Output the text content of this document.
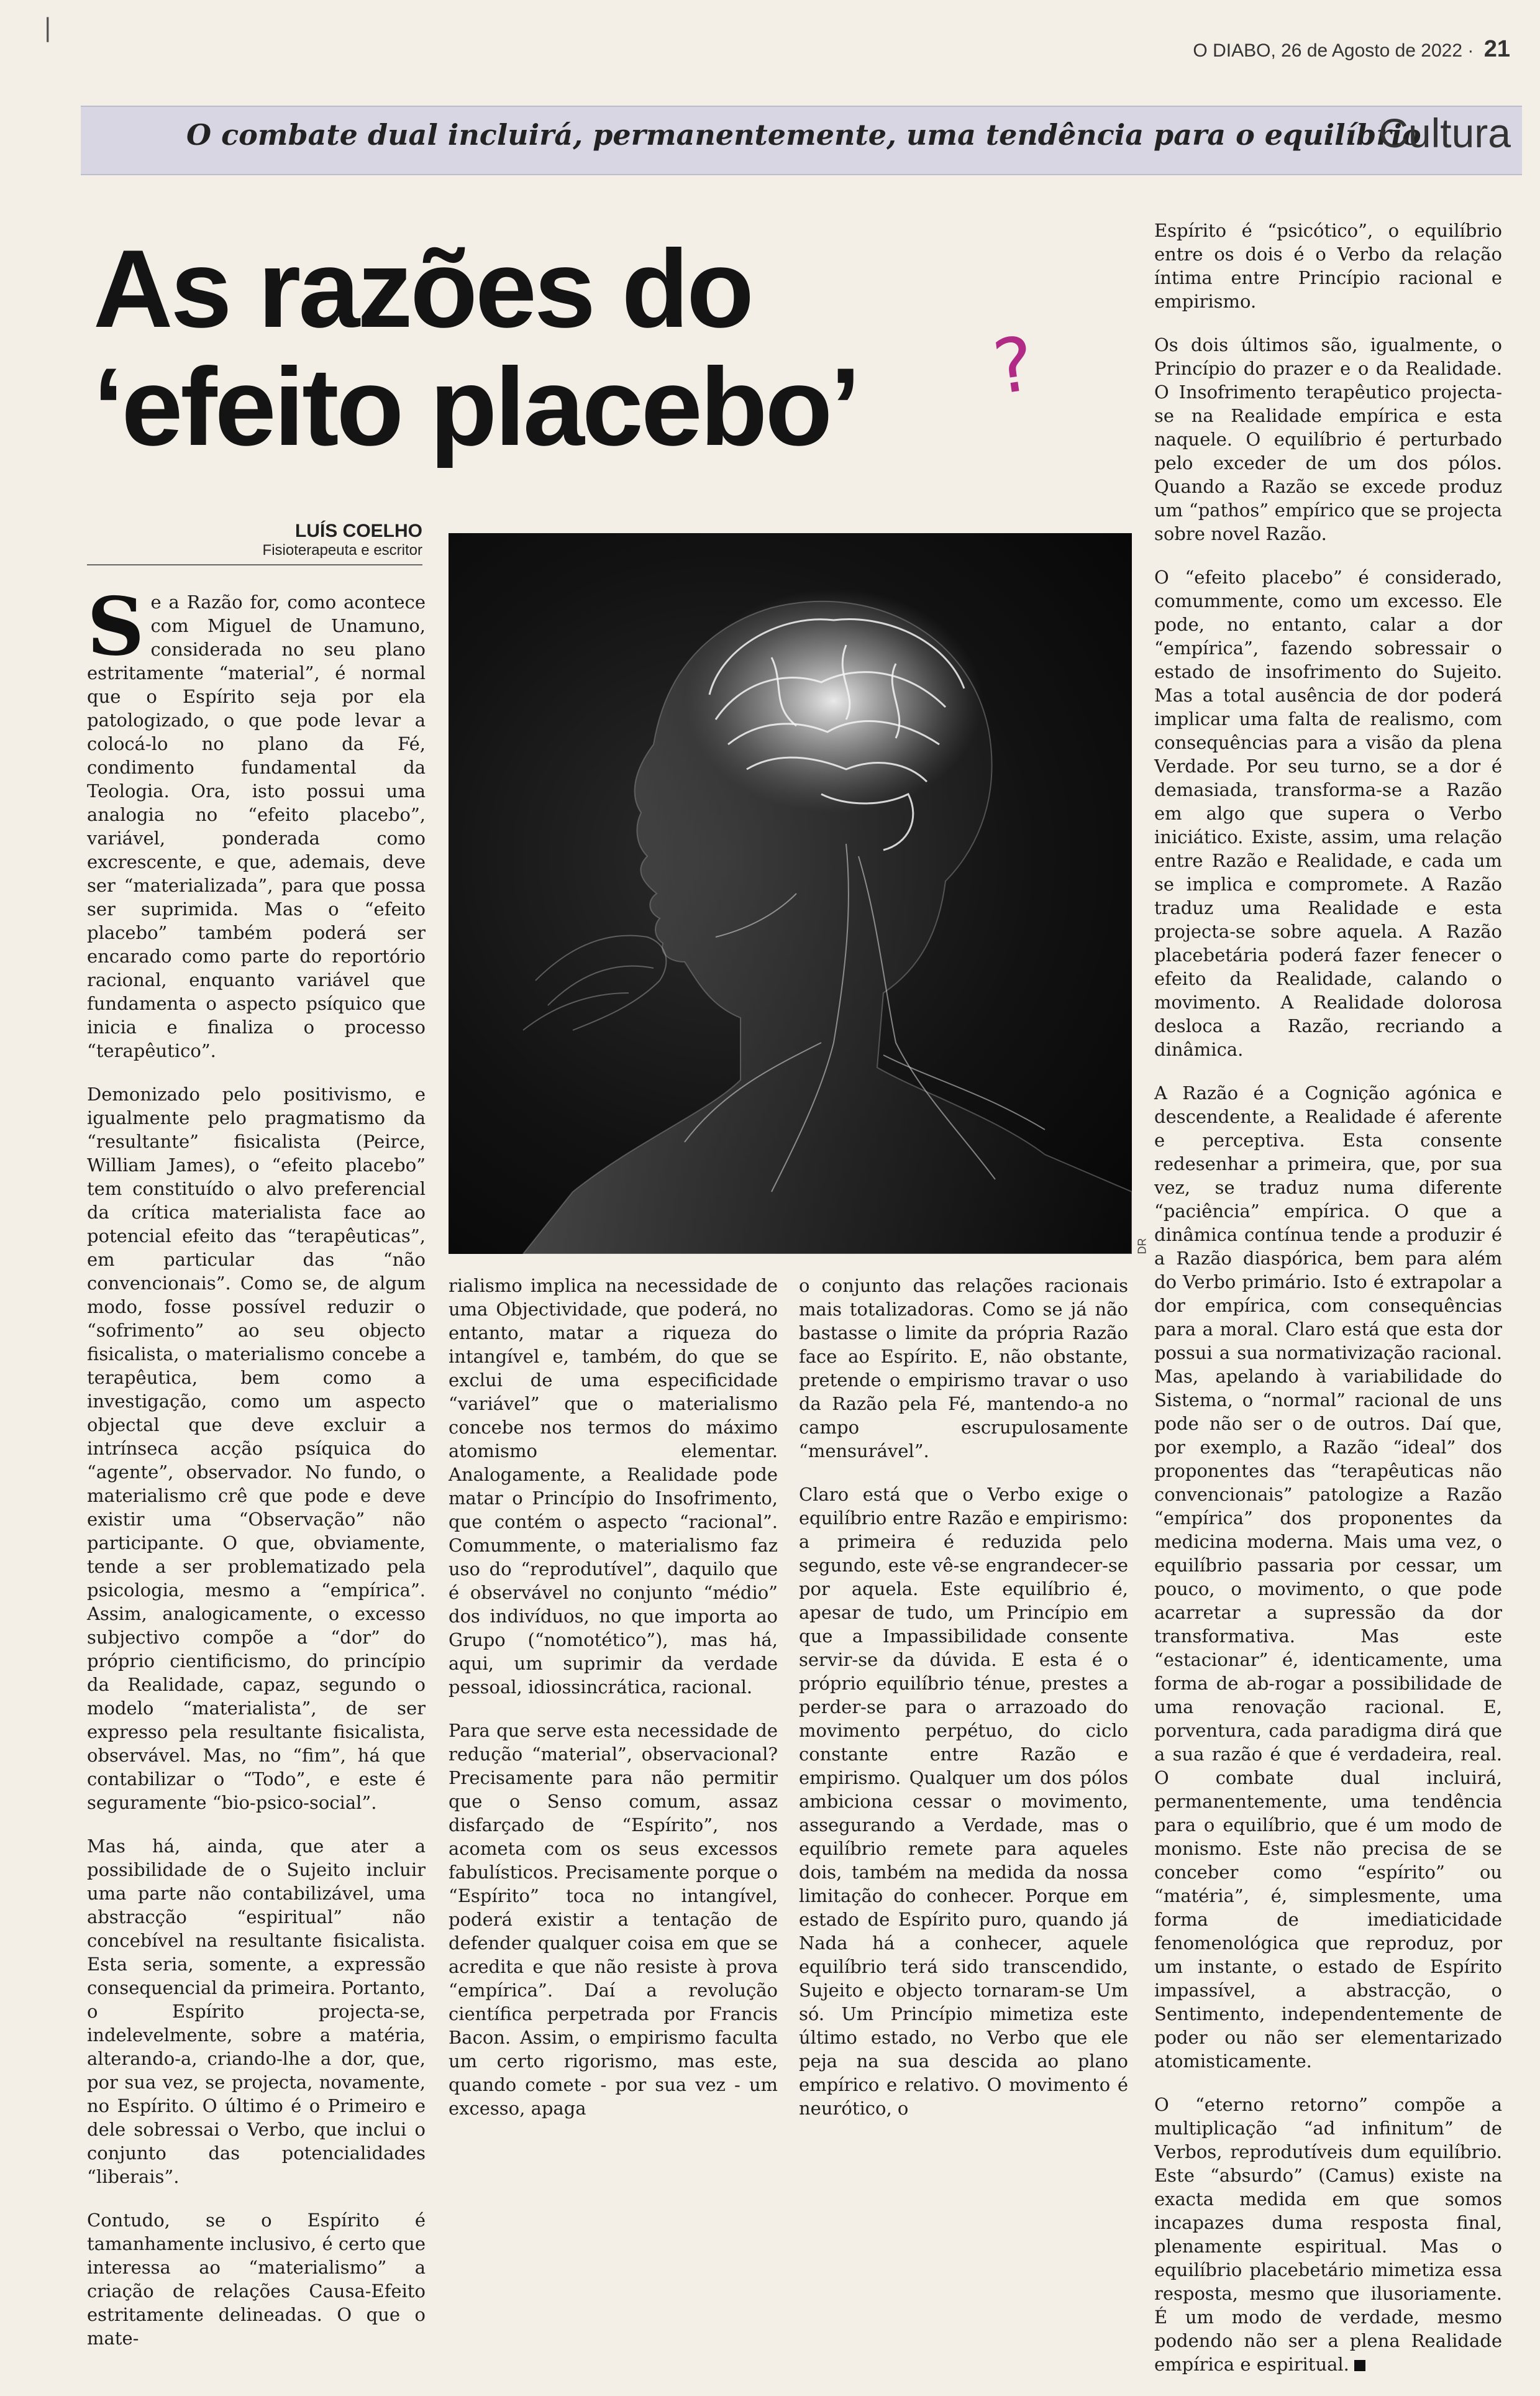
|
O DIABO, 26 de Agosto de 2022 · 21
O combate dual incluirá, permanentemente, uma tendência para o equilíbrio
Cultura
As razões do
‘efeito placebo’	?
LUÍS COELHO
Fisioterapeuta e escritor
DR

Se a Razão for, como acontece com Miguel de Unamuno, considerada no seu plano estritamente “material”, é normal que o Espírito seja por ela patologizado, o que pode levar a colocá-lo no plano da Fé, condimento fundamental da Teologia. Ora, isto possui uma analogia no “efeito placebo”, variável, ponderada como excrescente, e que, ademais, deve ser “materializada”, para que possa ser suprimida. Mas o “efeito placebo” também poderá ser encarado como parte do reportório racional, enquanto variável que fundamenta o aspecto psíquico que inicia e finaliza o processo “terapêutico”.

Demonizado pelo positivismo, e igualmente pelo pragmatismo da “resultante” fisicalista (Peirce, William James), o “efeito placebo” tem constituído o alvo preferencial da crítica materialista face ao potencial efeito das “terapêuticas”, em particular das “não convencionais”. Como se, de algum modo, fosse possível reduzir o “sofrimento” ao seu objecto fisicalista, o materialismo concebe a terapêutica, bem como a investigação, como um aspecto objectal que deve excluir a intrínseca acção psíquica do “agente”, observador. No fundo, o materialismo crê que pode e deve existir uma “Observação” não participante. O que, obviamente, tende a ser problematizado pela psicologia, mesmo a “empírica”. Assim, analogicamente, o excesso subjectivo compõe a “dor” do próprio cientificismo, do princípio da Realidade, capaz, segundo o modelo “materialista”, de ser expresso pela resultante fisicalista, observável. Mas, no “fim”, há que contabilizar o “Todo”, e este é seguramente “bio-psico-social”.

Mas há, ainda, que ater a possibilidade de o Sujeito incluir uma parte não contabilizável, uma abstracção “espiritual” não concebível na resultante fisicalista. Esta seria, somente, a expressão consequencial da primeira. Portanto, o Espírito projecta-se, indelevelmente, sobre a matéria, alterando-a, criando-lhe a dor, que, por sua vez, se projecta, novamente, no Espírito. O último é o Primeiro e dele sobressai o Verbo, que inclui o conjunto das potencialidades “liberais”.

Contudo, se o Espírito é tamanhamente inclusivo, é certo que interessa ao “materialismo” a criação de relações Causa-Efeito estritamente delineadas. O que o mate-

rialismo implica na necessidade de uma Objectividade, que poderá, no entanto, matar a riqueza do intangível e, também, do que se exclui de uma especificidade “variável” que o materialismo concebe nos termos do máximo atomismo elementar. Analogamente, a Realidade pode matar o Princípio do Insofrimento, que contém o aspecto “racional”. Comummente, o materialismo faz uso do “reprodutível”, daquilo que é observável no conjunto “médio” dos indivíduos, no que importa ao Grupo (“nomotético”), mas há, aqui, um suprimir da verdade pessoal, idiossincrática, racional.

Para que serve esta necessidade de redução “material”, observacional? Precisamente para não permitir que o Senso comum, assaz disfarçado de “Espírito”, nos acometa com os seus excessos fabulísticos. Precisamente porque o “Espírito” toca no intangível, poderá existir a tentação de defender qualquer coisa em que se acredita e que não resiste à prova “empírica”. Daí a revolução científica perpetrada por Francis Bacon. Assim, o empirismo faculta um certo rigorismo, mas este, quando comete - por sua vez - um excesso, apaga

o conjunto das relações racionais mais totalizadoras. Como se já não bastasse o limite da própria Razão face ao Espírito. E, não obstante, pretende o empirismo travar o uso da Razão pela Fé, mantendo-a no campo escrupulosamente “mensurável”.

Claro está que o Verbo exige o equilíbrio entre Razão e empirismo: a primeira é reduzida pelo segundo, este vê-se engrandecer-se por aquela. Este equilíbrio é, apesar de tudo, um Princípio em que a Impassibilidade consente servir-se da dúvida. E esta é o próprio equilíbrio ténue, prestes a perder-se para o arrazoado do movimento perpétuo, do ciclo constante entre Razão e empirismo. Qualquer um dos pólos ambiciona cessar o movimento, assegurando a Verdade, mas o equilíbrio remete para aqueles dois, também na medida da nossa limitação do conhecer. Porque em estado de Espírito puro, quando já Nada há a conhecer, aquele equilíbrio terá sido transcendido, Sujeito e objecto tornaram-se Um só. Um Princípio mimetiza este último estado, no Verbo que ele peja na sua descida ao plano empírico e relativo. O movimento é neurótico, o

Espírito é “psicótico”, o equilíbrio entre os dois é o Verbo da relação íntima entre Princípio racional e empirismo.

Os dois últimos são, igualmente, o Princípio do prazer e o da Realidade. O Insofrimento terapêutico projecta-se na Realidade empírica e esta naquele. O equilíbrio é perturbado pelo exceder de um dos pólos. Quando a Razão se excede produz um “pathos” empírico que se projecta sobre novel Razão.

O “efeito placebo” é considerado, comummente, como um excesso. Ele pode, no entanto, calar a dor “empírica”, fazendo sobressair o estado de insofrimento do Sujeito. Mas a total ausência de dor poderá implicar uma falta de realismo, com consequências para a visão da plena Verdade. Por seu turno, se a dor é demasiada, transforma-se a Razão em algo que supera o Verbo iniciático. Existe, assim, uma relação entre Razão e Realidade, e cada um se implica e compromete. A Razão traduz uma Realidade e esta projecta-se sobre aquela. A Razão placebetária poderá fazer fenecer o efeito da Realidade, calando o movimento. A Realidade dolorosa desloca a Razão, recriando a dinâmica.

A Razão é a Cognição agónica e descendente, a Realidade é aferente e perceptiva. Esta consente redesenhar a primeira, que, por sua vez, se traduz numa diferente “paciência” empírica. O que a dinâmica contínua tende a produzir é a Razão diaspórica, bem para além do Verbo primário. Isto é extrapolar a dor empírica, com consequências para a moral. Claro está que esta dor possui a sua normativização racional. Mas, apelando à variabilidade do Sistema, o “normal” racional de uns pode não ser o de outros. Daí que, por exemplo, a Razão “ideal” dos proponentes das “terapêuticas não convencionais” patologize a Razão “empírica” dos proponentes da medicina moderna. Mais uma vez, o equilíbrio passaria por cessar, um pouco, o movimento, o que pode acarretar a supressão da dor transformativa. Mas este “estacionar” é, identicamente, uma forma de ab-rogar a possibilidade de uma renovação racional. E, porventura, cada paradigma dirá que a sua razão é que é verdadeira, real. O combate dual incluirá, permanentemente, uma tendência para o equilíbrio, que é um modo de monismo. Este não precisa de se conceber como “espírito” ou “matéria”, é, simplesmente, uma forma de imediaticidade fenomenológica que reproduz, por um instante, o estado de Espírito impassível, a abstracção, o Sentimento, independentemente de poder ou não ser elementarizado atomisticamente.

O “eterno retorno” compõe a multiplicação “ad infinitum” de Verbos, reprodutíveis dum equilíbrio. Este “absurdo” (Camus) existe na exacta medida em que somos incapazes duma resposta final, plenamente espiritual. Mas o equilíbrio placebetário mimetiza essa resposta, mesmo que ilusoriamente. É um modo de verdade, mesmo podendo não ser a plena Realidade empírica e espiritual.
